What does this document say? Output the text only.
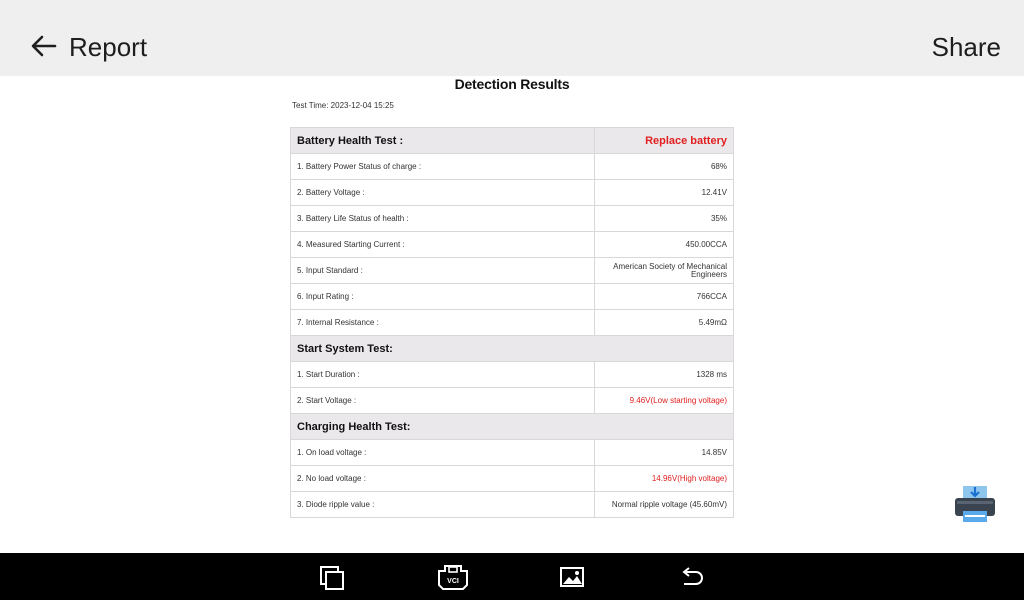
Report	Share
Detection Results
Test Time: 2023-12-04 15:25
Battery Health Test :	Replace battery
1. Battery Power Status of charge :	68%
2. Battery Voltage :	12.41V
3. Battery Life Status of health :	35%
4. Measured Starting Current :	450.00CCA
5. Input Standard :	American Society of Mechanical Engineers
6. Input Rating :	766CCA
7. Internal Resistance :	5.49mΩ
Start System Test:	
1. Start Duration :	1328 ms
2. Start Voltage :	9.46V(Low starting voltage)
Charging Health Test:	
1. On load voltage :	14.85V
2. No load voltage :	14.96V(High voltage)
3. Diode ripple value :	Normal ripple voltage (45.60mV)
VCI
